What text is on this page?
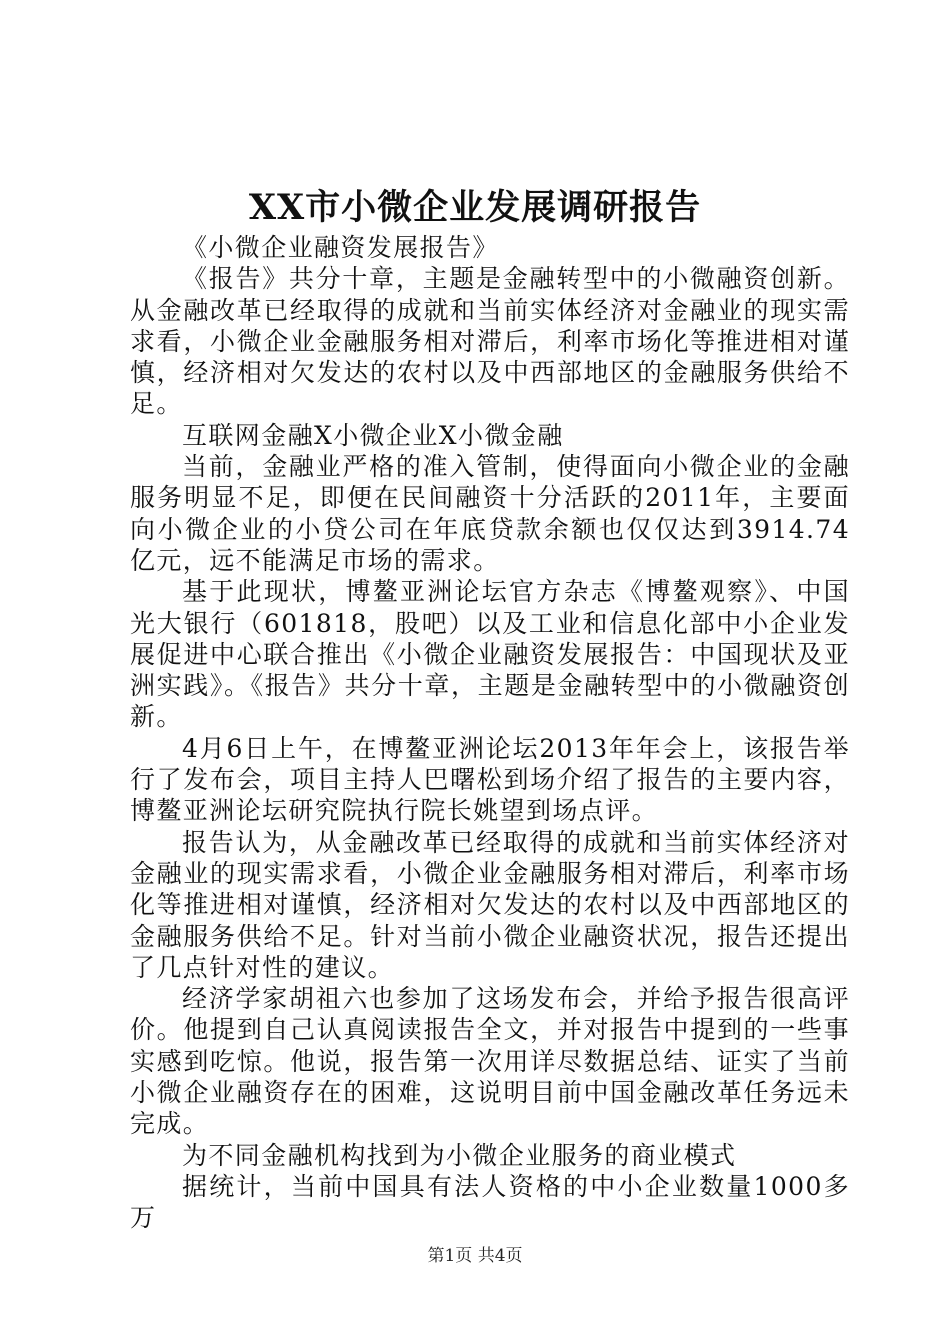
XX市小微企业发展调研报告

《小微企业融资发展报告》

《报告》共分十章，主题是金融转型中的小微融资创新。从金融改革已经取得的成就和当前实体经济对金融业的现实需求看，小微企业金融服务相对滞后，利率市场化等推进相对谨慎，经济相对欠发达的农村以及中西部地区的金融服务供给不足。

互联网金融X小微企业X小微金融

当前，金融业严格的准入管制，使得面向小微企业的金融服务明显不足，即便在民间融资十分活跃的2011年，主要面向小微企业的小贷公司在年底贷款余额也仅仅达到3914.74亿元，远不能满足市场的需求。

基于此现状，博鳌亚洲论坛官方杂志《博鳌观察》、中国光大银行（601818，股吧）以及工业和信息化部中小企业发展促进中心联合推出《小微企业融资发展报告：中国现状及亚洲实践》。《报告》共分十章，主题是金融转型中的小微融资创新。

4月6日上午，在博鳌亚洲论坛2013年年会上，该报告举行了发布会，项目主持人巴曙松到场介绍了报告的主要内容，博鳌亚洲论坛研究院执行院长姚望到场点评。

报告认为，从金融改革已经取得的成就和当前实体经济对金融业的现实需求看，小微企业金融服务相对滞后，利率市场化等推进相对谨慎，经济相对欠发达的农村以及中西部地区的金融服务供给不足。针对当前小微企业融资状况，报告还提出了几点针对性的建议。

经济学家胡祖六也参加了这场发布会，并给予报告很高评价。他提到自己认真阅读报告全文，并对报告中提到的一些事实感到吃惊。他说，报告第一次用详尽数据总结、证实了当前小微企业融资存在的困难，这说明目前中国金融改革任务远未完成。

为不同金融机构找到为小微企业服务的商业模式

据统计，当前中国具有法人资格的中小企业数量1000多万

第1页 共4页
